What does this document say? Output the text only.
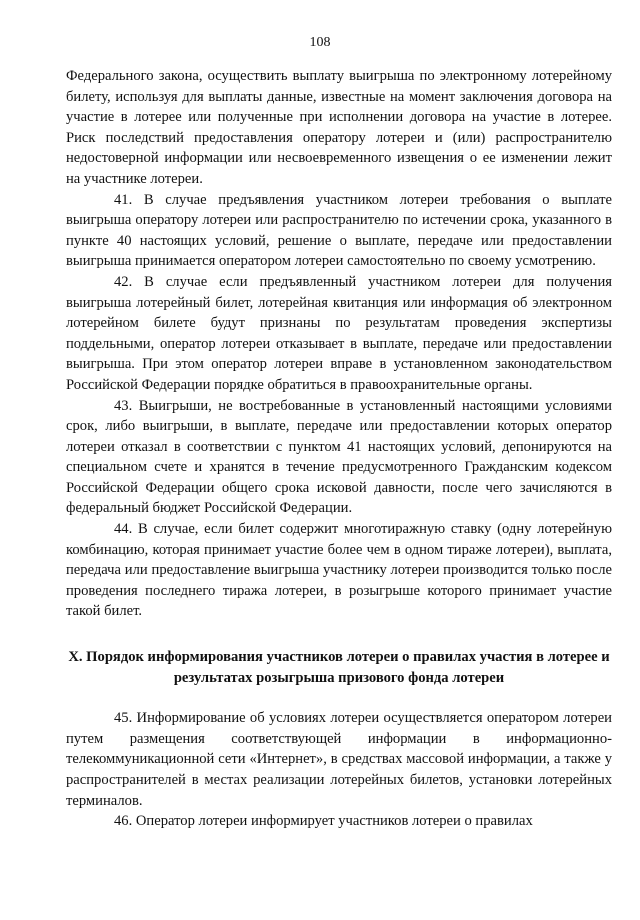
108

Федерального закона, осуществить выплату выигрыша по электронному лотерейному билету, используя для выплаты данные, известные на момент заключения договора на участие в лотерее или полученные при исполнении договора на участие в лотерее. Риск последствий предоставления оператору лотереи и (или) распространителю недостоверной информации или несвоевременного извещения о ее изменении лежит на участнике лотереи.

41. В случае предъявления участником лотереи требования о выплате выигрыша оператору лотереи или распространителю по истечении срока, указанного в пункте 40 настоящих условий, решение о выплате, передаче или предоставлении выигрыша принимается оператором лотереи самостоятельно по своему усмотрению.

42. В случае если предъявленный участником лотереи для получения выигрыша лотерейный билет, лотерейная квитанция или информация об электронном лотерейном билете будут признаны по результатам проведения экспертизы поддельными, оператор лотереи отказывает в выплате, передаче или предоставлении выигрыша. При этом оператор лотереи вправе в установленном законодательством Российской Федерации порядке обратиться в правоохранительные органы.

43. Выигрыши, не востребованные в установленный настоящими условиями срок, либо выигрыши, в выплате, передаче или предоставлении которых оператор лотереи отказал в соответствии с пунктом 41 настоящих условий, депонируются на специальном счете и хранятся в течение предусмотренного Гражданским кодексом Российской Федерации общего срока исковой давности, после чего зачисляются в федеральный бюджет Российской Федерации.

44. В случае, если билет содержит многотиражную ставку (одну лотерейную комбинацию, которая принимает участие более чем в одном тираже лотереи), выплата, передача или предоставление выигрыша участнику лотереи производится только после проведения последнего тиража лотереи, в розыгрыше которого принимает участие такой билет.

X. Порядок информирования участников лотереи о правилах участия в лотерее и результатах розыгрыша призового фонда лотереи

45. Информирование об условиях лотереи осуществляется оператором лотереи путем размещения соответствующей информации в информационно-телекоммуникационной сети «Интернет», в средствах массовой информации, а также у распространителей в местах реализации лотерейных билетов, установки лотерейных терминалов.

46. Оператор лотереи информирует участников лотереи о правилах
